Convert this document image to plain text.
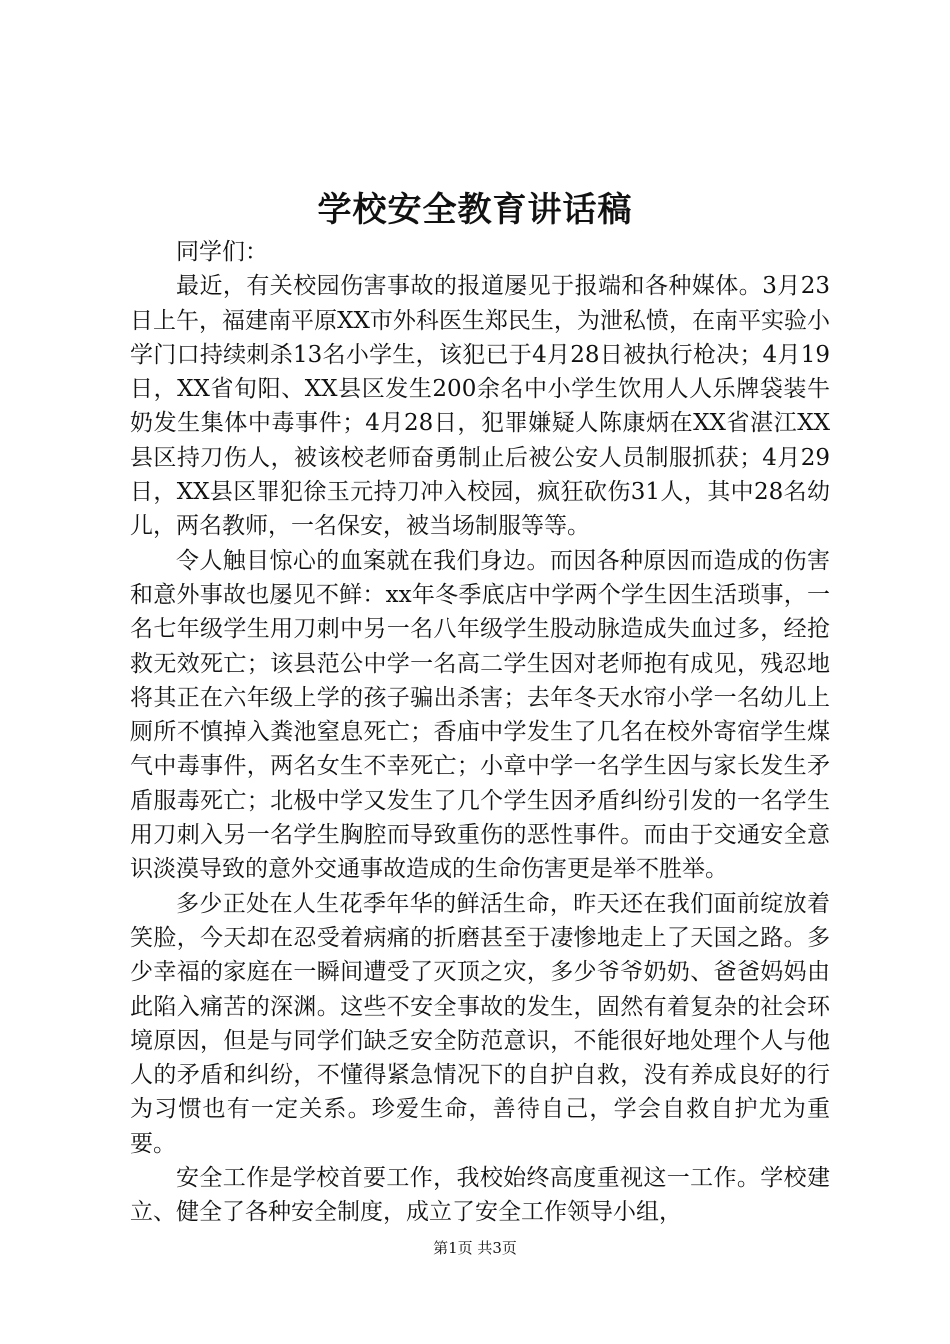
学校安全教育讲话稿

同学们：

最近，有关校园伤害事故的报道屡见于报端和各种媒体。3月23日上午，福建南平原XX市外科医生郑民生，为泄私愤，在南平实验小学门口持续刺杀13名小学生，该犯已于4月28日被执行枪决；4月19日，XX省旬阳、XX县区发生200余名中小学生饮用人人乐牌袋装牛奶发生集体中毒事件；4月28日，犯罪嫌疑人陈康炳在XX省湛江XX县区持刀伤人，被该校老师奋勇制止后被公安人员制服抓获；4月29日，XX县区罪犯徐玉元持刀冲入校园，疯狂砍伤31人，其中28名幼儿，两名教师，一名保安，被当场制服等等。

令人触目惊心的血案就在我们身边。而因各种原因而造成的伤害和意外事故也屡见不鲜：xx年冬季底店中学两个学生因生活琐事，一名七年级学生用刀刺中另一名八年级学生股动脉造成失血过多，经抢救无效死亡；该县范公中学一名高二学生因对老师抱有成见，残忍地将其正在六年级上学的孩子骗出杀害；去年冬天水帘小学一名幼儿上厕所不慎掉入粪池窒息死亡；香庙中学发生了几名在校外寄宿学生煤气中毒事件，两名女生不幸死亡；小章中学一名学生因与家长发生矛盾服毒死亡；北极中学又发生了几个学生因矛盾纠纷引发的一名学生用刀刺入另一名学生胸腔而导致重伤的恶性事件。而由于交通安全意识淡漠导致的意外交通事故造成的生命伤害更是举不胜举。

多少正处在人生花季年华的鲜活生命，昨天还在我们面前绽放着笑脸，今天却在忍受着病痛的折磨甚至于凄惨地走上了天国之路。多少幸福的家庭在一瞬间遭受了灭顶之灾，多少爷爷奶奶、爸爸妈妈由此陷入痛苦的深渊。这些不安全事故的发生，固然有着复杂的社会环境原因，但是与同学们缺乏安全防范意识，不能很好地处理个人与他人的矛盾和纠纷，不懂得紧急情况下的自护自救，没有养成良好的行为习惯也有一定关系。珍爱生命，善待自己，学会自救自护尤为重要。

安全工作是学校首要工作，我校始终高度重视这一工作。学校建立、健全了各种安全制度，成立了安全工作领导小组，

第1页 共3页
